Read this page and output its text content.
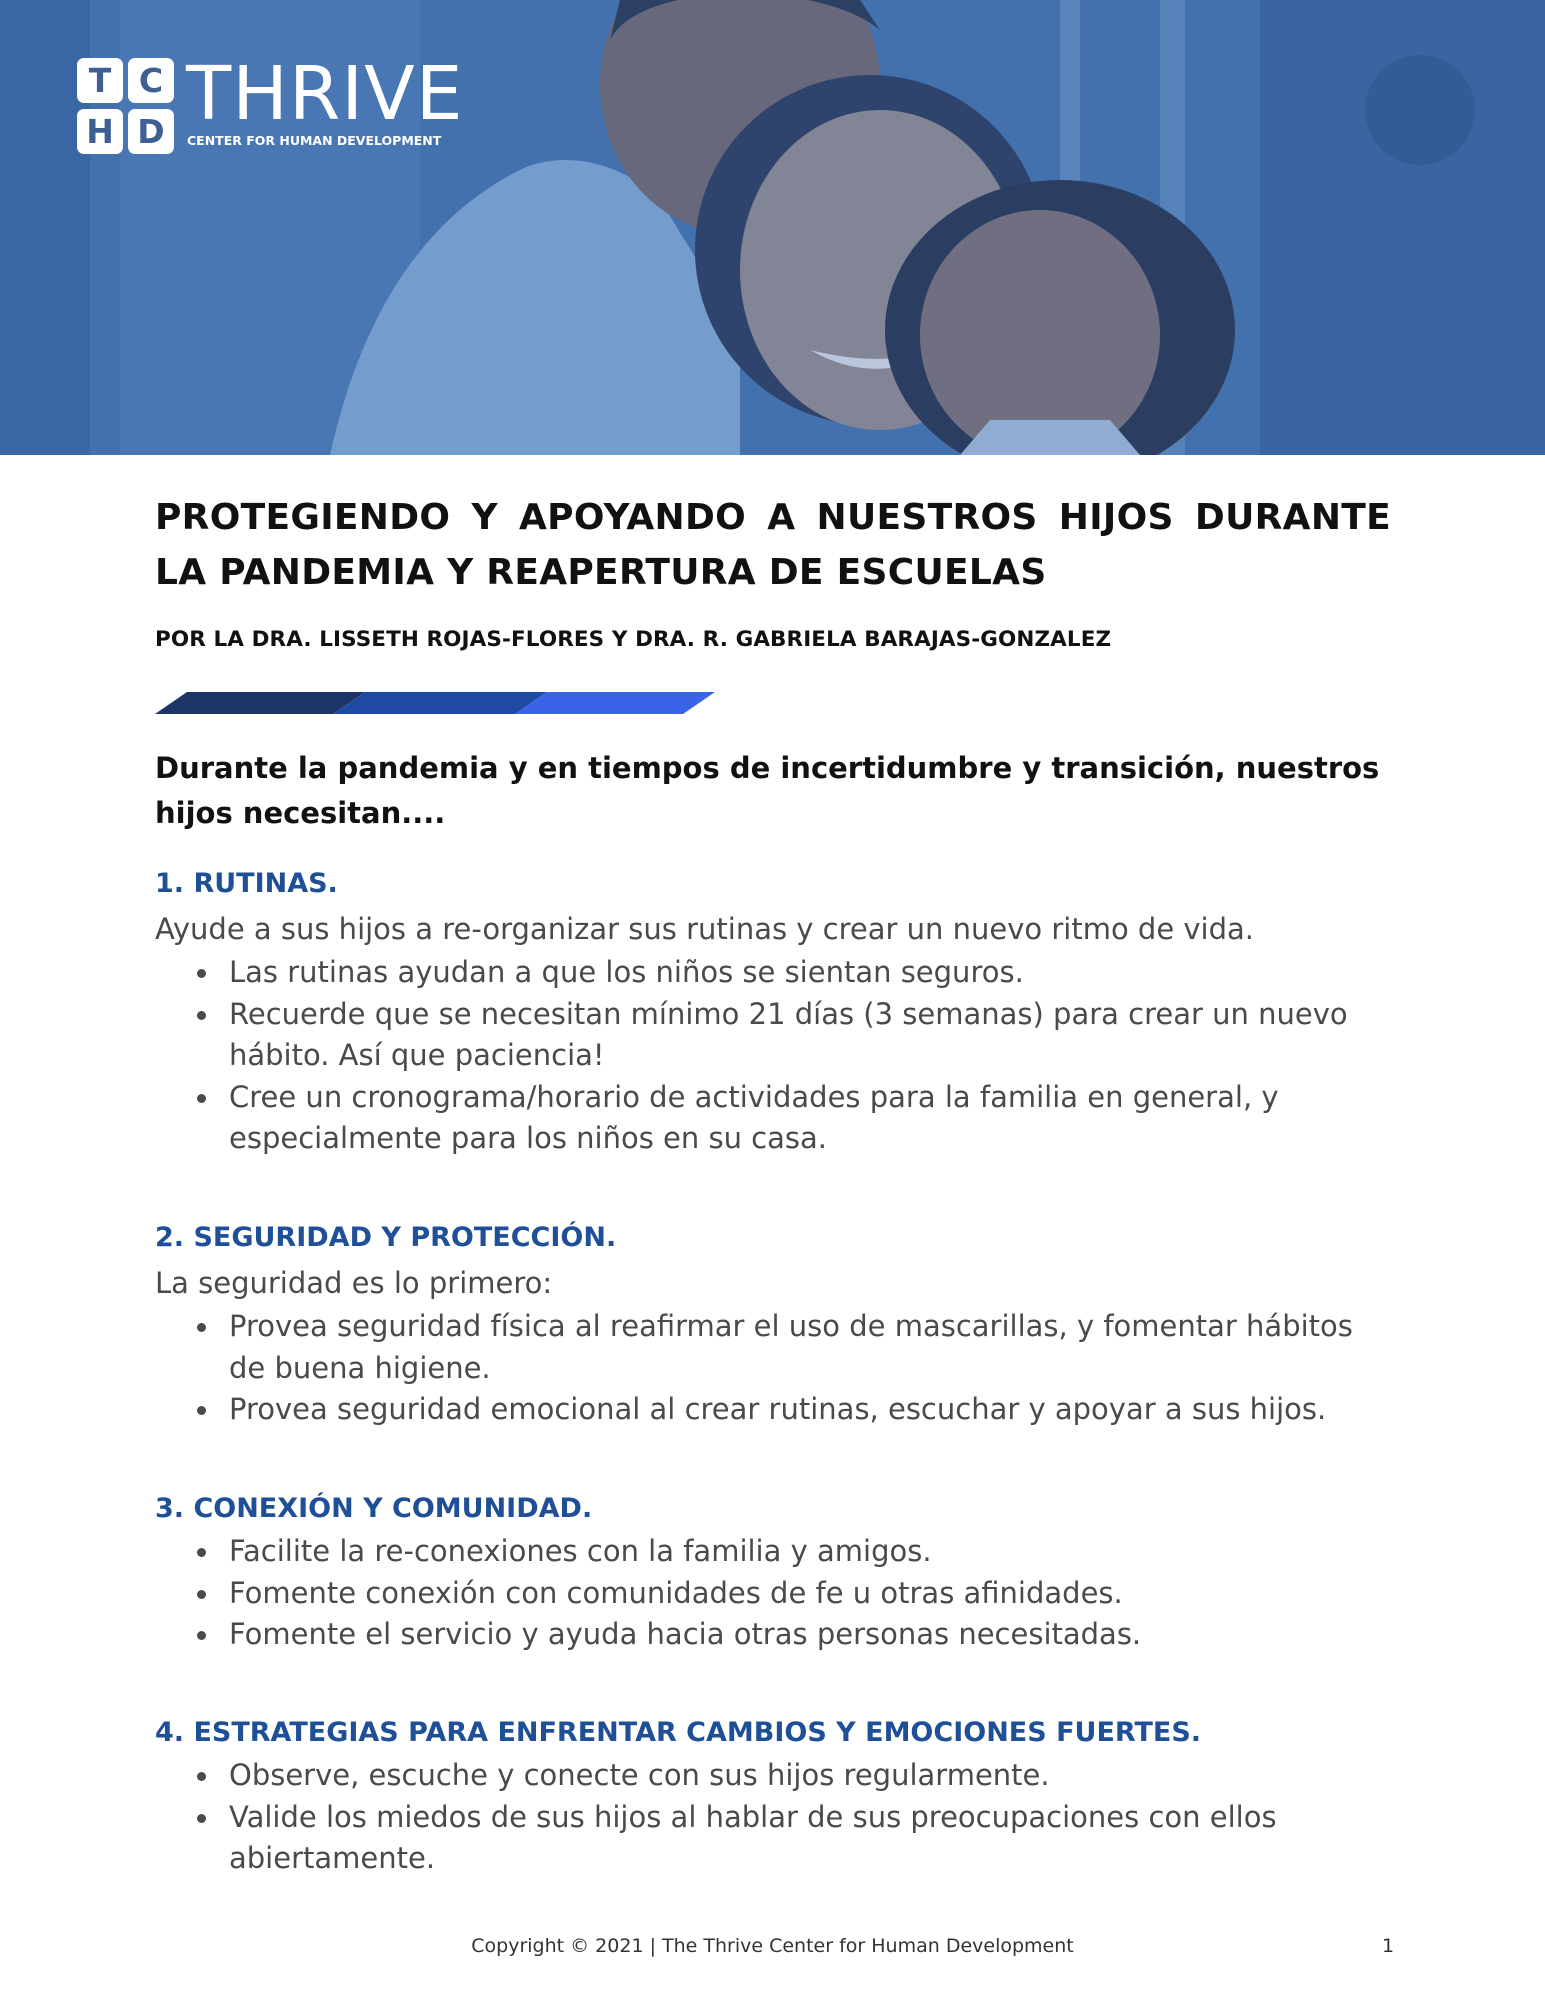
T C
H D THRIVE
CENTER FOR HUMAN DEVELOPMENT
PROTEGIENDO Y APOYANDO A NUESTROS HIJOS DURANTE
LA PANDEMIA Y REAPERTURA DE ESCUELAS

POR LA DRA. LISSETH ROJAS-FLORES Y DRA. R. GABRIELA BARAJAS-GONZALEZ

Durante la pandemia y en tiempos de incertidumbre y transición, nuestros hijos necesitan....

1. RUTINAS.

Ayude a sus hijos a re-organizar sus rutinas y crear un nuevo ritmo de vida.

Las rutinas ayudan a que los niños se sientan seguros.
Recuerde que se necesitan mínimo 21 días (3 semanas) para crear un nuevo hábito. Así que paciencia!
Cree un cronograma/horario de actividades para la familia en general, y especialmente para los niños en su casa.

2. SEGURIDAD Y PROTECCIÓN.

La seguridad es lo primero:

Provea seguridad física al reafirmar el uso de mascarillas, y fomentar hábitos de buena higiene.
Provea seguridad emocional al crear rutinas, escuchar y apoyar a sus hijos.

3. CONEXIÓN Y COMUNIDAD.

Facilite la re-conexiones con la familia y amigos.
Fomente conexión con comunidades de fe u otras afinidades.
Fomente el servicio y ayuda hacia otras personas necesitadas.

4. ESTRATEGIAS PARA ENFRENTAR CAMBIOS Y EMOCIONES FUERTES.

Observe, escuche y conecte con sus hijos regularmente.
Valide los miedos de sus hijos al hablar de sus preocupaciones con ellos abiertamente.

Copyright © 2021 | The Thrive Center for Human Development	1
